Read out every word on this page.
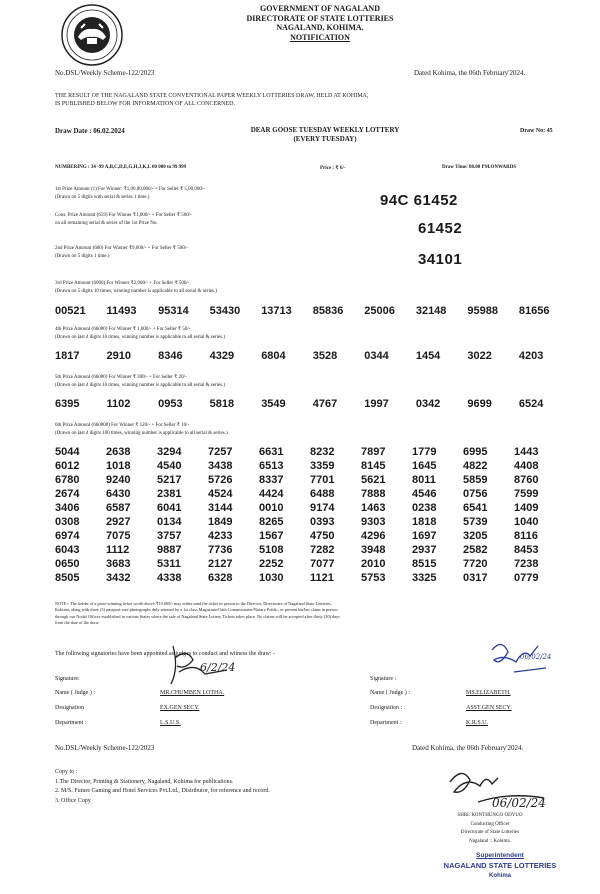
GOVERNMENT OF NAGALAND
DIRECTORATE OF STATE LOTTERIES
NAGALAND, KOHIMA.
NOTIFICATION
No.DSL/Weekly Scheme-122/2023	Dated Kohima, the 06th February'2024.
THE RESULT OF THE NAGALAND STATE CONVENTIONAL PAPER WEEKLY LOTTERIES DRAW, HELD AT KOHIMA,
IS PUBLISHED BELOW FOR INFORMATION OF ALL CONCERNED.
Draw Date : 06.02.2024	DEAR GOOSE TUESDAY WEEKLY LOTTERY
(EVERY TUESDAY)
Draw No: 45
NUMBERING : 34 -99 A,B,C,D,E,G,H,J,K,L 00 000 to 99 999	Price : ₹ 6/-	Draw Time: 08.00 PM.ONWARDS
1st Prize Amount (1) For Winner: ₹1,00,00,000/- + For Seller ₹ 5,00,000/-
(Drawn on 5 digits with serial & series 1 time.)	94C 61452
Cons. Prize Amount (659) For Winner ₹1,000/- + For Seller ₹ 500/-
on all remaining serial & series of the 1st Prize No.	61452
2nd Prize Amount (600) For Winner ₹9,000/- + For Seller ₹ 500/-
(Drawn on 5 digits 1 time.)	34101
3rd Prize Amount (6000) For Winner ₹2,000/- + For Seller ₹ 500/-
(Drawn on 5 digits 10 times, winning number is applicable to all serial & series.)
00521	11493	95314	53430	13713	85836	25006	32148	95988	81656
4th Prize Amount (66000) For Winner ₹ 1,000/- + For Seller ₹ 50/-
(Drawn on last 4 digits 10 times, winning number is applicable to all serial & series.)
1817	2910	8346	4329	6804	3528	0344	1454	3022	4203
5th Prize Amount (66000) For Winner ₹ 300/- + For Seller ₹ 20/-
(Drawn on last 4 digits 10 times, winning number is applicable to all serial & series.)
6395	1102	0953	5818	3549	4767	1997	0342	9699	6524
6th Prize Amount (660000) For Winner ₹ 120/- + For Seller ₹ 10/-
(Drawn on last 4 digits 100 times, winning number is applicable to all serial & series.)
5044	2638	3294	7257	6631	8232	7897	1779	6995	1443
6012	1018	4540	3438	6513	3359	8145	1645	4822	4408
6780	9240	5217	5726	8337	7701	5621	8011	5859	8760
2674	6430	2381	4524	4424	6488	7888	4546	0756	7599
3406	6587	6041	3144	0010	9174	1463	0238	6541	1409
0308	2927	0134	1849	8265	0393	9303	1818	5739	1040
6974	7075	3757	4233	1567	4750	4296	1697	3205	8116
6043	1112	9887	7736	5108	7282	3948	2937	2582	8453
0650	3683	5311	2127	2252	7077	2010	8515	7720	7238
8505	3432	4338	6328	1030	1121	5753	3325	0317	0779
NOTE:- The holder of a prize-winning ticket worth above ₹10,000/- may either send the ticket in person to the Director, Directorate of Nagaland State Lotteries,
Kohima, along with three (3) passport-size photographs duly attested by a 1st class Magistrate/Oath Commissioner/Notary Public, or present his/her claim in person
through our Nodal Offices established in various States where the sale of Nagaland State Lottery Tickets takes place. No claims will be accepted after thirty (30) days
from the date of the draw.
The following signatories have been appointed as judges to conduct and witness the draw: -
Signature:
Name ( Judge ) :	MR.CHUMBEN LOTHA.
Designation	EX.GEN SECY.
Department :	L.S.U.S.
6/2/24
Signature :
Name ( Judge ) :	MS.ELIZABETH.
Designation :	ASST.GEN SECY.
Department :	K.R.S.U.
06/02/24
No.DSL/Weekly Scheme-122/2023	Dated Kohima, the 06th February'2024.
Copy to :
1.The Director, Printing & Stationery, Nagaland, Kohima for publications.
2. M/S. Future Gaming and Hotel Services Pvt.Ltd., Distributor, for reference and record.
3. Office Copy	06/02/24
SHRI. KONTHUNGO ODYUO
Conducting Officer
Directorate of State Lotteries
Nagaland :: Kohima.
Superintendent
NAGALAND STATE LOTTERIES
Kohima
